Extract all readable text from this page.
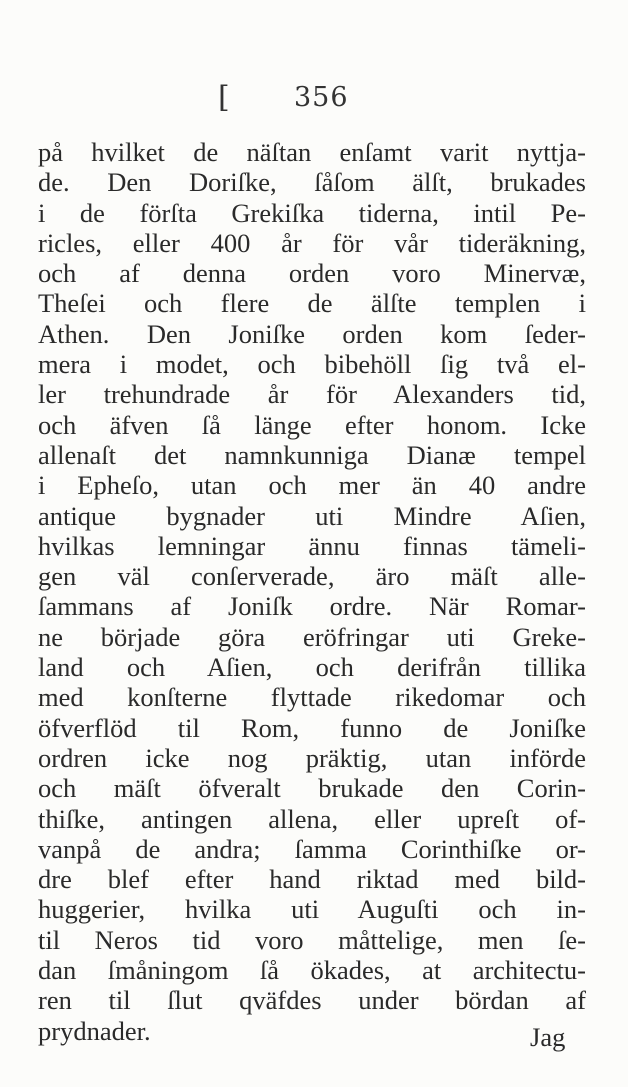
[ 356
på hvilket de näſtan enſamt varit nyttja-
de. Den Doriſke, ſåſom älſt, brukades
i de förſta Grekiſka tiderna, intil Pe-
ricles, eller 400 år för vår tideräkning,
och af denna orden voro Minervæ,
Theſei och flere de älſte templen i
Athen. Den Joniſke orden kom ſeder-
mera i modet, och bibehöll ſig två el-
ler trehundrade år för Alexanders tid,
och äfven ſå länge efter honom. Icke
allenaſt det namnkunniga Dianæ tempel
i Epheſo, utan och mer än 40 andre
antique bygnader uti Mindre Aſien,
hvilkas lemningar ännu finnas tämeli-
gen väl conſerverade, äro mäſt alle-
ſammans af Joniſk ordre. När Romar-
ne började göra eröfringar uti Greke-
land och Aſien, och derifrån tillika
med konſterne flyttade rikedomar och
öfverflöd til Rom, funno de Joniſke
ordren icke nog präktig, utan införde
och mäſt öfveralt brukade den Corin-
thiſke, antingen allena, eller upreſt of-
vanpå de andra; ſamma Corinthiſke or-
dre blef efter hand riktad med bild-
huggerier, hvilka uti Auguſti och in-
til Neros tid voro måttelige, men ſe-
dan ſmåningom ſå ökades, at architectu-
ren til ſlut qväfdes under bördan af
prydnader.	Jag
